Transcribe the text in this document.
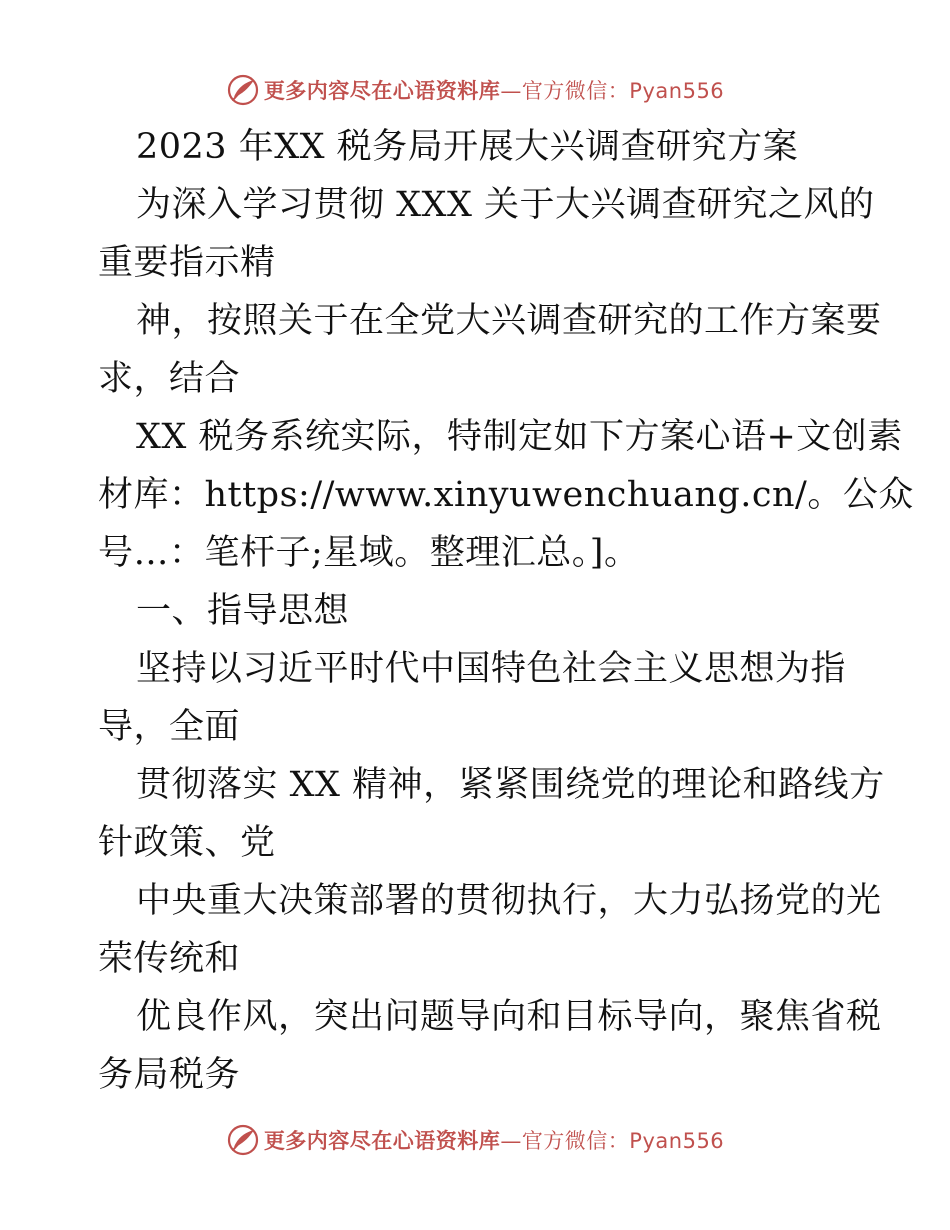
更多内容尽在心语资料库—官方微信：Pyan556
2023 年XX 税务局开展大兴调查研究方案
为深入学习贯彻 XXX 关于大兴调查研究之风的
重要指示精
神，按照关于在全党大兴调查研究的工作方案要
求，结合
XX 税务系统实际，特制定如下方案心语+文创素
材库：https://www.xinyuwenchuang.cn/。公众
号…：笔杆子;星域。整理汇总。]。
一、指导思想
坚持以习近平时代中国特色社会主义思想为指
导，全面
贯彻落实 XX 精神，紧紧围绕党的理论和路线方
针政策、党
中央重大决策部署的贯彻执行，大力弘扬党的光
荣传统和
优良作风，突出问题导向和目标导向，聚焦省税
务局税务
更多内容尽在心语资料库—官方微信：Pyan556
